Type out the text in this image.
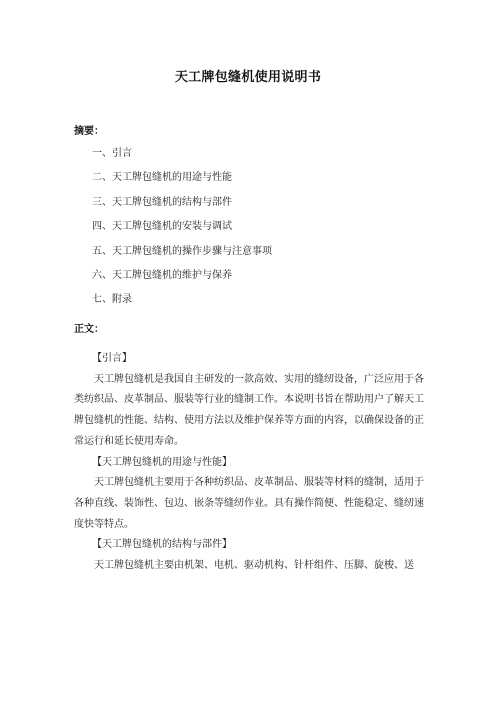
天工牌包缝机使用说明书
摘要：
一、引言
二、天工牌包缝机的用途与性能
三、天工牌包缝机的结构与部件
四、天工牌包缝机的安装与调试
五、天工牌包缝机的操作步骤与注意事项
六、天工牌包缝机的维护与保养
七、附录
正文：

【引言】

天工牌包缝机是我国自主研发的一款高效、实用的缝纫设备，广泛应用于各类纺织品、皮革制品、服装等行业的缝制工作。本说明书旨在帮助用户了解天工牌包缝机的性能、结构、使用方法以及维护保养等方面的内容，以确保设备的正常运行和延长使用寿命。

【天工牌包缝机的用途与性能】

天工牌包缝机主要用于各种纺织品、皮革制品、服装等材料的缝制，适用于各种直线、装饰性、包边、嵌条等缝纫作业。具有操作简便、性能稳定、缝纫速度快等特点。

【天工牌包缝机的结构与部件】

天工牌包缝机主要由机架、电机、驱动机构、针杆组件、压脚、旋梭、送
